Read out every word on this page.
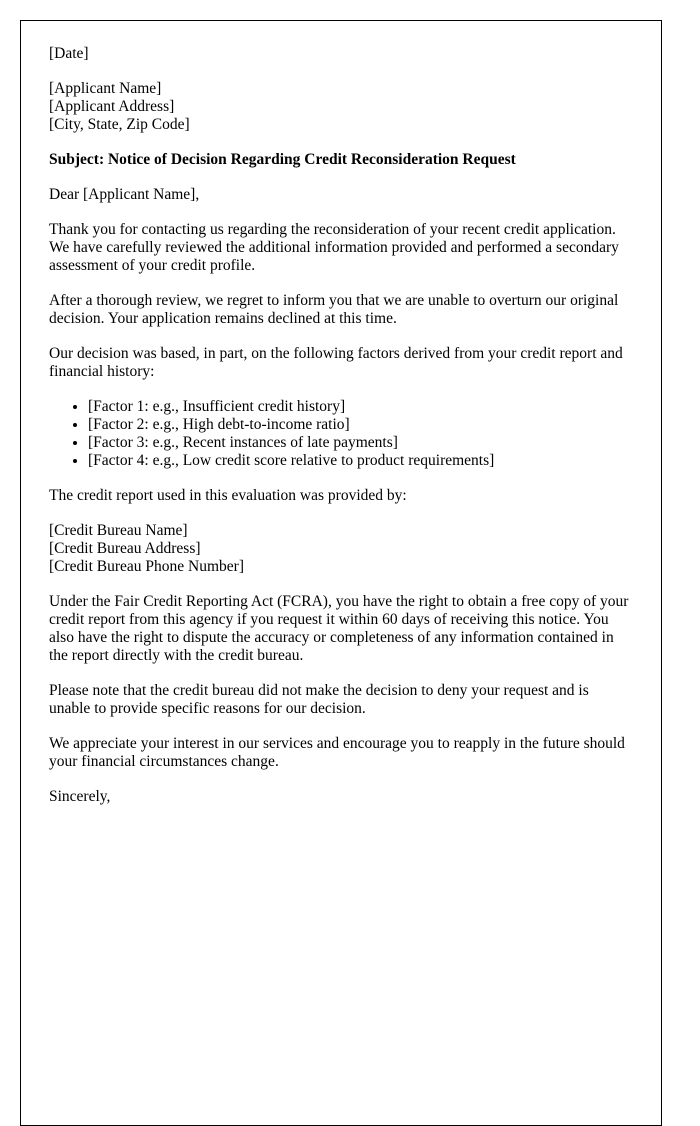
[Date]

[Applicant Name]

[Applicant Address]

[City, State, Zip Code]

Subject: Notice of Decision Regarding Credit Reconsideration Request

Dear [Applicant Name],

Thank you for contacting us regarding the reconsideration of your recent credit application. We have carefully reviewed the additional information provided and performed a secondary assessment of your credit profile.

After a thorough review, we regret to inform you that we are unable to overturn our original decision. Your application remains declined at this time.

Our decision was based, in part, on the following factors derived from your credit report and financial history:

• [Factor 1: e.g., Insufficient credit history]
• [Factor 2: e.g., High debt-to-income ratio]
• [Factor 3: e.g., Recent instances of late payments]
• [Factor 4: e.g., Low credit score relative to product requirements]

The credit report used in this evaluation was provided by:

[Credit Bureau Name]

[Credit Bureau Address]

[Credit Bureau Phone Number]

Under the Fair Credit Reporting Act (FCRA), you have the right to obtain a free copy of your credit report from this agency if you request it within 60 days of receiving this notice. You also have the right to dispute the accuracy or completeness of any information contained in the report directly with the credit bureau.

Please note that the credit bureau did not make the decision to deny your request and is unable to provide specific reasons for our decision.

We appreciate your interest in our services and encourage you to reapply in the future should your financial circumstances change.

Sincerely,
